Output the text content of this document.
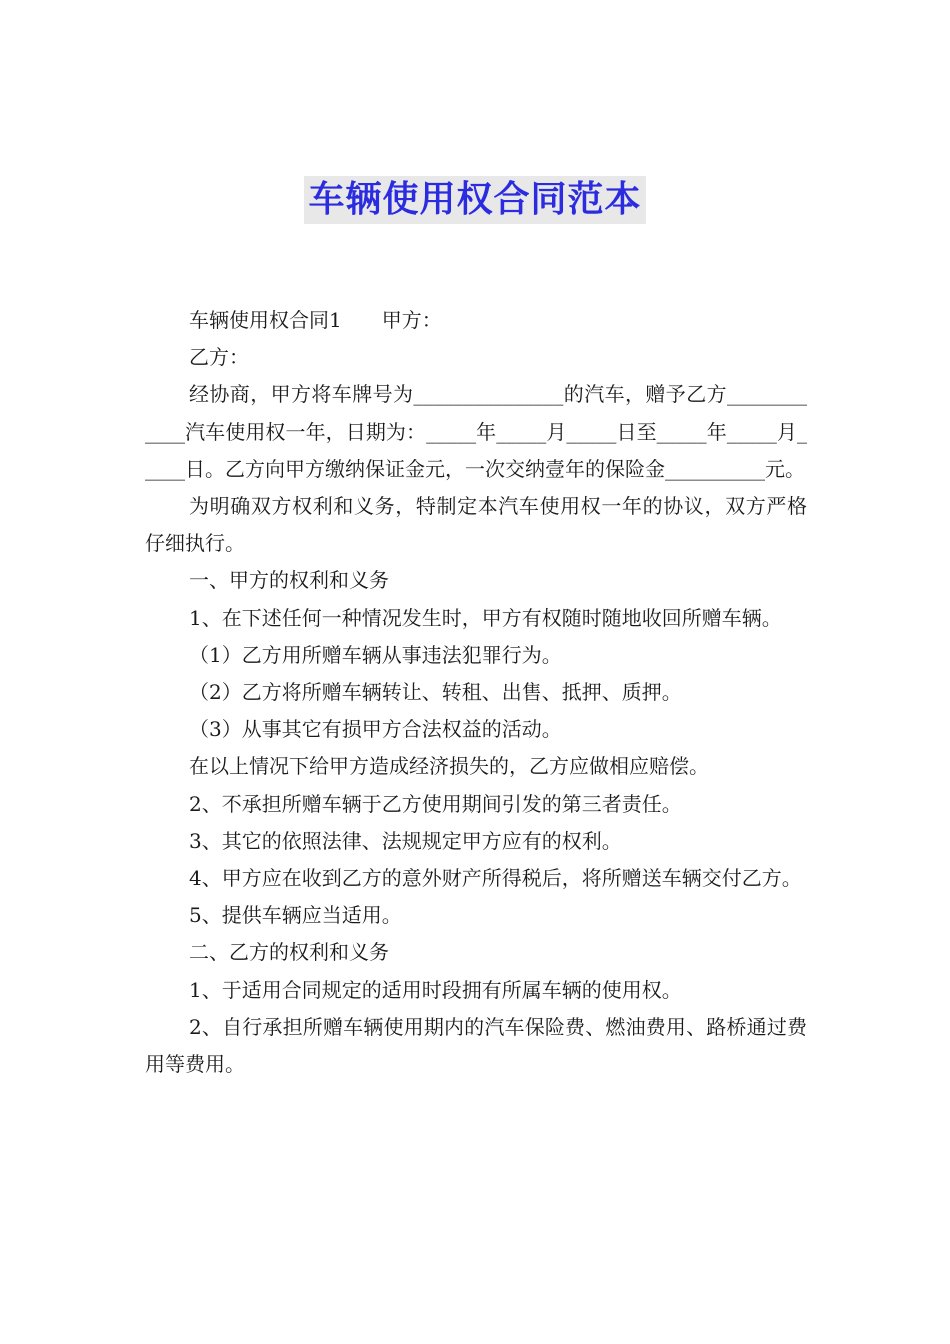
车辆使用权合同范本

车辆使用权合同1 甲方：

乙方：

经协商，甲方将车牌号为_______________的汽车，赠予乙方____________汽车使用权一年，日期为：_____年_____月_____日至_____年_____月_____日。乙方向甲方缴纳保证金元，一次交纳壹年的保险金__________元。

为明确双方权利和义务，特制定本汽车使用权一年的协议，双方严格仔细执行。

一、甲方的权利和义务

1、在下述任何一种情况发生时，甲方有权随时随地收回所赠车辆。

（1）乙方用所赠车辆从事违法犯罪行为。

（2）乙方将所赠车辆转让、转租、出售、抵押、质押。

（3）从事其它有损甲方合法权益的活动。

在以上情况下给甲方造成经济损失的，乙方应做相应赔偿。

2、不承担所赠车辆于乙方使用期间引发的第三者责任。

3、其它的依照法律、法规规定甲方应有的权利。

4、甲方应在收到乙方的意外财产所得税后，将所赠送车辆交付乙方。

5、提供车辆应当适用。

二、乙方的权利和义务

1、于适用合同规定的适用时段拥有所属车辆的使用权。

2、自行承担所赠车辆使用期内的汽车保险费、燃油费用、路桥通过费用等费用。
